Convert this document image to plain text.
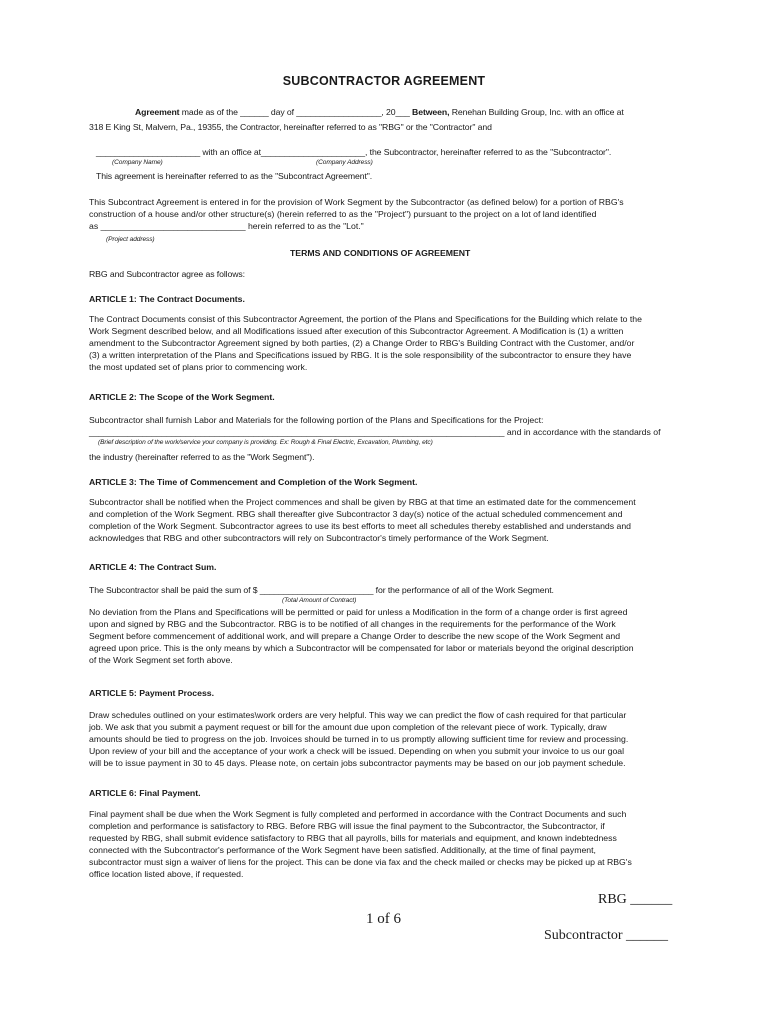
SUBCONTRACTOR AGREEMENT
Agreement made as of the ______ day of __________________, 20___ Between, Renehan Building Group, Inc. with an office at
318 E King St, Malvern, Pa., 19355, the Contractor, hereinafter referred to as "RBG" or the "Contractor" and
______________________ with an office at______________________, the Subcontractor, hereinafter referred to as the "Subcontractor".
(Company Name)	(Company Address)
This agreement is hereinafter referred to as the "Subcontract Agreement".
This Subcontract Agreement is entered in for the provision of Work Segment by the Subcontractor (as defined below) for a portion of RBG's
construction of a house and/or other structure(s) (herein referred to as the "Project") pursuant to the project on a lot of land identified
as ______________________________ herein referred to as the "Lot."
(Project address)
TERMS AND CONDITIONS OF AGREEMENT
RBG and Subcontractor agree as follows:
ARTICLE 1: The Contract Documents.
The Contract Documents consist of this Subcontractor Agreement, the portion of the Plans and Specifications for the Building which relate to the
Work Segment described below, and all Modifications issued after execution of this Subcontractor Agreement. A Modification is (1) a written
amendment to the Subcontractor Agreement signed by both parties, (2) a Change Order to RBG's Building Contract with the Customer, and/or
(3) a written interpretation of the Plans and Specifications issued by RBG. It is the sole responsibility of the subcontractor to ensure they have
the most updated set of plans prior to commencing work.
ARTICLE 2: The Scope of the Work Segment.
Subcontractor shall furnish Labor and Materials for the following portion of the Plans and Specifications for the Project:
______________________________________________________________________________________ and in accordance with the standards of
(Brief description of the work/service your company is providing. Ex: Rough & Final Electric, Excavation, Plumbing, etc)
the industry (hereinafter referred to as the "Work Segment").
ARTICLE 3: The Time of Commencement and Completion of the Work Segment.
Subcontractor shall be notified when the Project commences and shall be given by RBG at that time an estimated date for the commencement
and completion of the Work Segment. RBG shall thereafter give Subcontractor 3 day(s) notice of the actual scheduled commencement and
completion of the Work Segment. Subcontractor agrees to use its best efforts to meet all schedules thereby established and understands and
acknowledges that RBG and other subcontractors will rely on Subcontractor's timely performance of the Work Segment.
ARTICLE 4: The Contract Sum.
The Subcontractor shall be paid the sum of $ ________________________ for the performance of all of the Work Segment.
(Total Amount of Contract)
No deviation from the Plans and Specifications will be permitted or paid for unless a Modification in the form of a change order is first agreed
upon and signed by RBG and the Subcontractor. RBG is to be notified of all changes in the requirements for the performance of the Work
Segment before commencement of additional work, and will prepare a Change Order to describe the new scope of the Work Segment and
agreed upon price. This is the only means by which a Subcontractor will be compensated for labor or materials beyond the original description
of the Work Segment set forth above.
ARTICLE 5: Payment Process.
Draw schedules outlined on your estimates\work orders are very helpful. This way we can predict the flow of cash required for that particular
job. We ask that you submit a payment request or bill for the amount due upon completion of the relevant piece of work. Typically, draw
amounts should be tied to progress on the job. Invoices should be turned in to us promptly allowing sufficient time for review and processing.
Upon review of your bill and the acceptance of your work a check will be issued. Depending on when you submit your invoice to us our goal
will be to issue payment in 30 to 45 days. Please note, on certain jobs subcontractor payments may be based on our job payment schedule.
ARTICLE 6: Final Payment.
Final payment shall be due when the Work Segment is fully completed and performed in accordance with the Contract Documents and such
completion and performance is satisfactory to RBG. Before RBG will issue the final payment to the Subcontractor, the Subcontractor, if
requested by RBG, shall submit evidence satisfactory to RBG that all payrolls, bills for materials and equipment, and known indebtedness
connected with the Subcontractor's performance of the Work Segment have been satisfied. Additionally, at the time of final payment,
subcontractor must sign a waiver of liens for the project. This can be done via fax and the check mailed or checks may be picked up at RBG's
office location listed above, if requested.
RBG ______
1 of 6
Subcontractor ______
